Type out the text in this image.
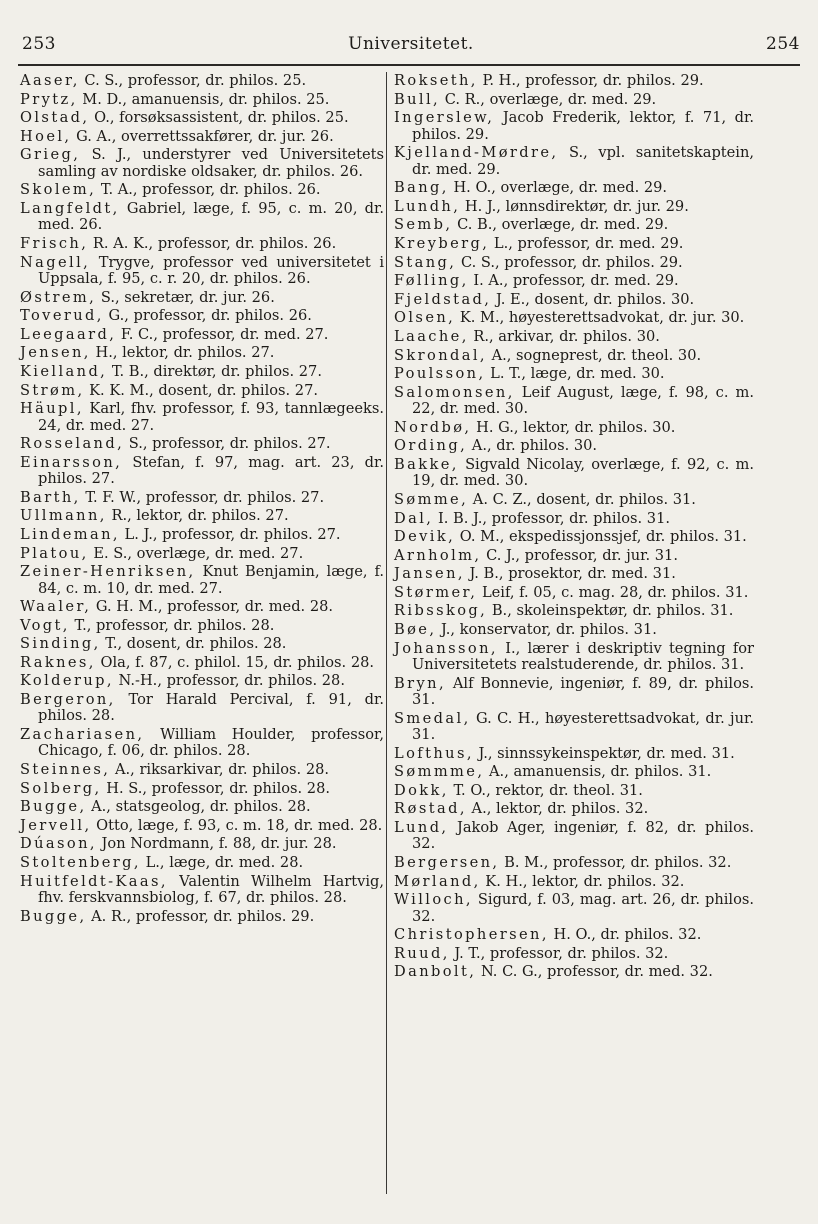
253	Universitetet.	254

Aaser, C. S., professor, dr. philos. 25.

Prytz, M. D., amanuensis, dr. philos. 25.

Olstad, O., forsøksassistent, dr. philos. 25.

Hoel, G. A., overrettssakfører, dr. jur. 26.

Grieg, S. J., understyrer ved Universitetets samling av nordiske oldsaker, dr. philos. 26.

Skolem, T. A., professor, dr. philos. 26.

Langfeldt, Gabriel, læge, f. 95, c. m. 20, dr. med. 26.

Frisch, R. A. K., professor, dr. philos. 26.

Nagell, Trygve, professor ved universitetet i Uppsala, f. 95, c. r. 20, dr. philos. 26.

Østrem, S., sekretær, dr. jur. 26.

Toverud, G., professor, dr. philos. 26.

Leegaard, F. C., professor, dr. med. 27.

Jensen, H., lektor, dr. philos. 27.

Kielland, T. B., direktør, dr. philos. 27.

Strøm, K. K. M., dosent, dr. philos. 27.

Häupl, Karl, fhv. professor, f. 93, tannlægeeks. 24, dr. med. 27.

Rosseland, S., professor, dr. philos. 27.

Einarsson, Stefan, f. 97, mag. art. 23, dr. philos. 27.

Barth, T. F. W., professor, dr. philos. 27.

Ullmann, R., lektor, dr. philos. 27.

Lindeman, L. J., professor, dr. philos. 27.

Platou, E. S., overlæge, dr. med. 27.

Zeiner-Henriksen, Knut Benjamin, læge, f. 84, c. m. 10, dr. med. 27.

Waaler, G. H. M., professor, dr. med. 28.

Vogt, T., professor, dr. philos. 28.

Sinding, T., dosent, dr. philos. 28.

Raknes, Ola, f. 87, c. philol. 15, dr. philos. 28.

Kolderup, N.-H., professor, dr. philos. 28.

Bergeron, Tor Harald Percival, f. 91, dr. philos. 28.

Zachariasen, William Houlder, professor, Chicago, f. 06, dr. philos. 28.

Steinnes, A., riksarkivar, dr. philos. 28.

Solberg, H. S., professor, dr. philos. 28.

Bugge, A., statsgeolog, dr. philos. 28.

Jervell, Otto, læge, f. 93, c. m. 18, dr. med. 28.

Dúason, Jon Nordmann, f. 88, dr. jur. 28.

Stoltenberg, L., læge, dr. med. 28.

Huitfeldt-Kaas, Valentin Wilhelm Hartvig, fhv. ferskvannsbiolog, f. 67, dr. philos. 28.

Bugge, A. R., professor, dr. philos. 29.

Rokseth, P. H., professor, dr. philos. 29.

Bull, C. R., overlæge, dr. med. 29.

Ingerslew, Jacob Frederik, lektor, f. 71, dr. philos. 29.

Kjelland-Mørdre, S., vpl. sanitetskaptein, dr. med. 29.

Bang, H. O., overlæge, dr. med. 29.

Lundh, H. J., lønnsdirektør, dr. jur. 29.

Semb, C. B., overlæge, dr. med. 29.

Kreyberg, L., professor, dr. med. 29.

Stang, C. S., professor, dr. philos. 29.

Følling, I. A., professor, dr. med. 29.

Fjeldstad, J. E., dosent, dr. philos. 30.

Olsen, K. M., høyesterettsadvokat, dr. jur. 30.

Laache, R., arkivar, dr. philos. 30.

Skrondal, A., sogneprest, dr. theol. 30.

Poulsson, L. T., læge, dr. med. 30.

Salomonsen, Leif August, læge, f. 98, c. m. 22, dr. med. 30.

Nordbø, H. G., lektor, dr. philos. 30.

Ording, A., dr. philos. 30.

Bakke, Sigvald Nicolay, overlæge, f. 92, c. m. 19, dr. med. 30.

Sømme, A. C. Z., dosent, dr. philos. 31.

Dal, I. B. J., professor, dr. philos. 31.

Devik, O. M., ekspedissjonssjef, dr. philos. 31.

Arnholm, C. J., professor, dr. jur. 31.

Jansen, J. B., prosektor, dr. med. 31.

Størmer, Leif, f. 05, c. mag. 28, dr. philos. 31.

Ribsskog, B., skoleinspektør, dr. philos. 31.

Bøe, J., konservator, dr. philos. 31.

Johansson, I., lærer i deskriptiv tegning for Universitetets realstuderende, dr. philos. 31.

Bryn, Alf Bonnevie, ingeniør, f. 89, dr. philos. 31.

Smedal, G. C. H., høyesterettsadvokat, dr. jur. 31.

Lofthus, J., sinnssykeinspektør, dr. med. 31.

Sømmme, A., amanuensis, dr. philos. 31.

Dokk, T. O., rektor, dr. theol. 31.

Røstad, A., lektor, dr. philos. 32.

Lund, Jakob Ager, ingeniør, f. 82, dr. philos. 32.

Bergersen, B. M., professor, dr. philos. 32.

Mørland, K. H., lektor, dr. philos. 32.

Willoch, Sigurd, f. 03, mag. art. 26, dr. philos. 32.

Christophersen, H. O., dr. philos. 32.

Ruud, J. T., professor, dr. philos. 32.

Danbolt, N. C. G., professor, dr. med. 32.
